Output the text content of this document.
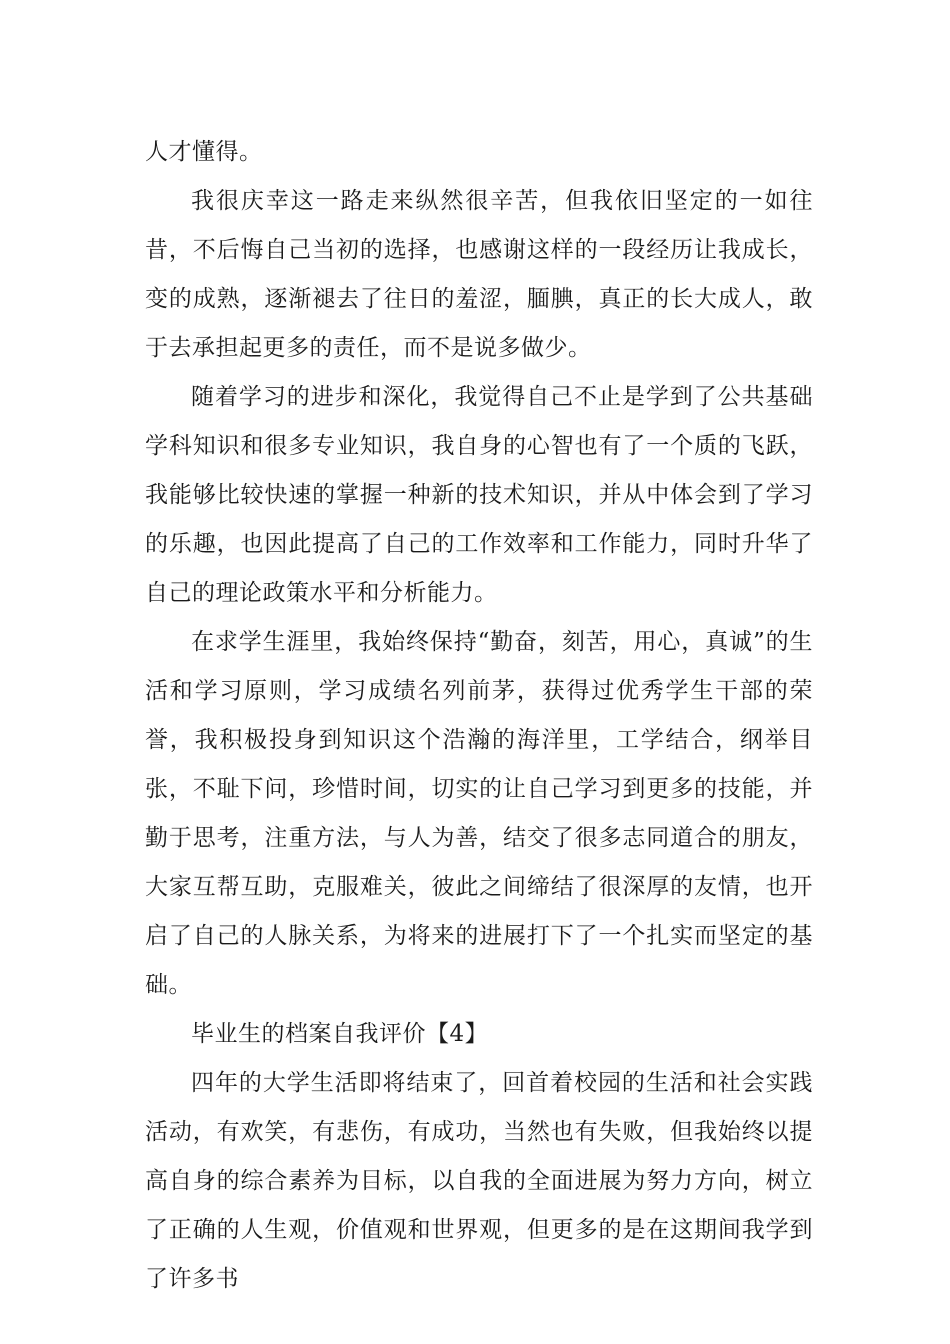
人才懂得。

我很庆幸这一路走来纵然很辛苦，但我依旧坚定的一如往昔，不后悔自己当初的选择，也感谢这样的一段经历让我成长，变的成熟，逐渐褪去了往日的羞涩，腼腆，真正的长大成人，敢于去承担起更多的责任，而不是说多做少。

随着学习的进步和深化，我觉得自己不止是学到了公共基础学科知识和很多专业知识，我自身的心智也有了一个质的飞跃，我能够比较快速的掌握一种新的技术知识，并从中体会到了学习的乐趣，也因此提高了自己的工作效率和工作能力，同时升华了自己的理论政策水平和分析能力。

在求学生涯里，我始终保持“勤奋，刻苦，用心，真诚”的生活和学习原则，学习成绩名列前茅，获得过优秀学生干部的荣誉，我积极投身到知识这个浩瀚的海洋里，工学结合，纲举目张，不耻下问，珍惜时间，切实的让自己学习到更多的技能，并勤于思考，注重方法，与人为善，结交了很多志同道合的朋友，大家互帮互助，克服难关，彼此之间缔结了很深厚的友情，也开启了自己的人脉关系，为将来的进展打下了一个扎实而坚定的基础。

毕业生的档案自我评价【4】

四年的大学生活即将结束了，回首着校园的生活和社会实践活动，有欢笑，有悲伤，有成功，当然也有失败，但我始终以提高自身的综合素养为目标，以自我的全面进展为努力方向，树立了正确的人生观，价值观和世界观，但更多的是在这期间我学到了许多书
